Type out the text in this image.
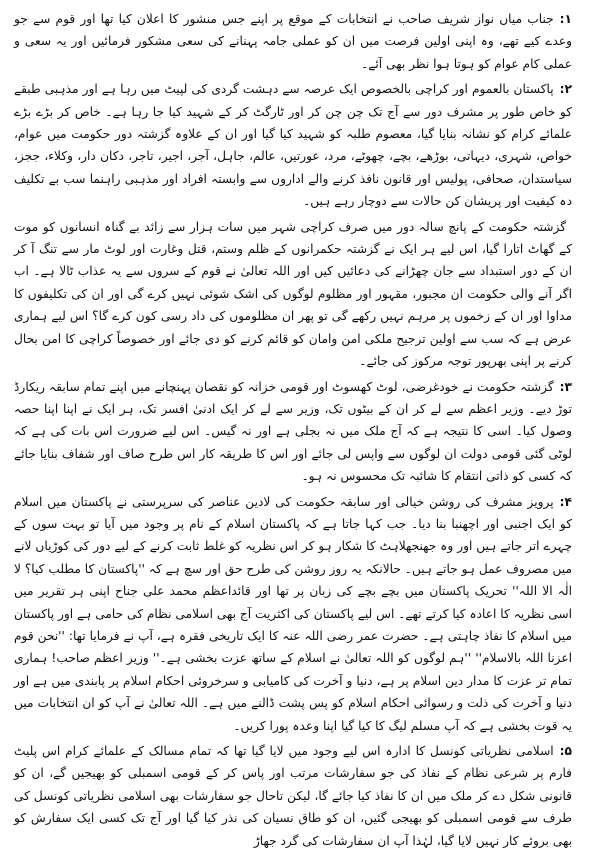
۱:جناب میاں نواز شریف صاحب نے انتخابات کے موقع پر اپنے جس منشور کا اعلان کیا تھا اور قوم سے جو وعدے کیے تھے، وہ اپنی اولین فرصت میں ان کو عملی جامہ پہنانے کی سعی مشکور فرمائیں اور یہ سعی و عملی کام عوام کو ہوتا ہوا نظر بھی آئے۔

۲:پاکستان بالعموم اور کراچی بالخصوص ایک عرصہ سے دہشت گردی کی لپیٹ میں رہا ہے اور مذہبی طبقے کو خاص طور پر مشرف دور سے آج تک چن چن کر اور ٹارگٹ کر کے شہید کیا جا رہا ہے۔ خاص کر بڑے بڑے علمائے کرام کو نشانہ بنایا گیا، معصوم طلبہ کو شہید کیا گیا اور ان کے علاوہ گزشتہ دور حکومت میں عوام، خواص، شہری، دیہاتی، بوڑھے، بچے، چھوٹے، مرد، عورتیں، عالم، جاہل، آجر، اجیر، تاجر، دکان دار، وکلاء، ججز، سیاستدان، صحافی، پولیس اور قانون نافذ کرنے والے اداروں سے وابستہ افراد اور مذہبی راہنما سب بے تکلیف دہ کیفیت اور پریشان کن حالات سے دوچار رہے ہیں۔

گزشتہ حکومت کے پانچ سالہ دور میں صرف کراچی شہر میں سات ہزار سے زائد بے گناہ انسانوں کو موت کے گھاٹ اتارا گیا، اس لیے ہر ایک نے گزشتہ حکمرانوں کے ظلم وستم، قتل وغارت اور لوٹ مار سے تنگ آ کر ان کے دور استبداد سے جان چھڑانے کی دعائیں کیں اور اللہ تعالیٰ نے قوم کے سروں سے یہ عذاب ٹالا ہے۔ اب اگر آنے والی حکومت ان مجبور، مقہور اور مظلوم لوگوں کی اشک شوئی نہیں کرے گی اور ان کی تکلیفوں کا مداوا اور ان کے زخموں پر مرہم نہیں رکھے گی تو پھر ان مظلوموں کی داد رسی کون کرے گا؟ اس لیے ہماری عرض ہے کہ سب سے اولین ترجیح ملکی امن وامان کو قائم کرنے کو دی جائے اور خصوصاً کراچی کا امن بحال کرنے پر اپنی بھرپور توجہ مرکوز کی جائے۔

۳:گزشتہ حکومت نے خودغرضی، لوٹ کھسوٹ اور قومی خزانہ کو نقصان پہنچانے میں اپنے تمام سابقہ ریکارڈ توڑ دیے۔ وزیر اعظم سے لے کر ان کے بیٹوں تک، وزیر سے لے کر ایک ادنیٰ افسر تک، ہر ایک نے اپنا اپنا حصہ وصول کیا۔ اسی کا نتیجہ ہے کہ آج ملک میں نہ بجلی ہے اور نہ گیس۔ اس لیے ضرورت اس بات کی ہے کہ لوٹی گئی قومی دولت ان لوگوں سے واپس لی جائے اور اس کا طریقہ کار اس طرح صاف اور شفاف بنایا جائے کہ کسی کو ذاتی انتقام کا شائبہ تک محسوس نہ ہو۔

۴:پرویز مشرف کی روشن خیالی اور سابقہ حکومت کی لادین عناصر کی سرپرستی نے پاکستان میں اسلام کو ایک اجنبی اور اچھنبا بنا دیا۔ جب کہا جاتا ہے کہ پاکستان اسلام کے نام پر وجود میں آیا تو بہت سوں کے چہرے اتر جاتے ہیں اور وہ جھنجھلاہٹ کا شکار ہو کر اس نظریہ کو غلط ثابت کرنے کے لیے دور کی کوڑیاں لانے میں مصروف عمل ہو جاتے ہیں۔ حالانکہ یہ روز روشن کی طرح حق اور سچ ہے کہ ''پاکستان کا مطلب کیا؟ لا الٰہ الا اللہ'' تحریک پاکستان میں بچے بچے کی زبان پر تھا اور قائداعظم محمد علی جناح اپنی ہر تقریر میں اسی نظریہ کا اعادہ کیا کرتے تھے۔ اس لیے پاکستان کی اکثریت آج بھی اسلامی نظام کی حامی ہے اور پاکستان میں اسلام کا نفاذ چاہتی ہے۔ حضرت عمر رضی اللہ عنہ کا ایک تاریخی فقرہ ہے، آپ نے فرمایا تھا: ''نحن قوم اعزنا اللہ بالاسلام'' ''ہم لوگوں کو اللہ تعالیٰ نے اسلام کے ساتھ عزت بخشی ہے۔'' وزیر اعظم صاحب! ہماری تمام تر عزت کا مدار دین اسلام پر ہے، دنیا و آخرت کی کامیابی و سرخروئی احکام اسلام پر پابندی میں ہے اور دنیا و آخرت کی ذلت و رسوائی احکام اسلام کو پس پشت ڈالنے میں ہے۔ اللہ تعالیٰ نے آپ کو ان انتخابات میں یہ قوت بخشی ہے کہ آپ مسلم لیگ کا کیا گیا اپنا وعدہ پورا کریں۔

۵:اسلامی نظریاتی کونسل کا ادارہ اس لیے وجود میں لایا گیا تھا کہ تمام مسالک کے علمائے کرام اس پلیٹ فارم پر شرعی نظام کے نفاذ کی جو سفارشات مرتب اور پاس کر کے قومی اسمبلی کو بھیجیں گے، ان کو قانونی شکل دے کر ملک میں ان کا نفاذ کیا جائے گا، لیکن تاحال جو سفارشات بھی اسلامی نظریاتی کونسل کی طرف سے قومی اسمبلی کو بھیجی گئیں، ان کو طاق نسیان کی نذر کیا گیا اور آج تک کسی ایک سفارش کو بھی بروئے کار نہیں لایا گیا، لہٰذا آپ ان سفارشات کی گرد جھاڑ
